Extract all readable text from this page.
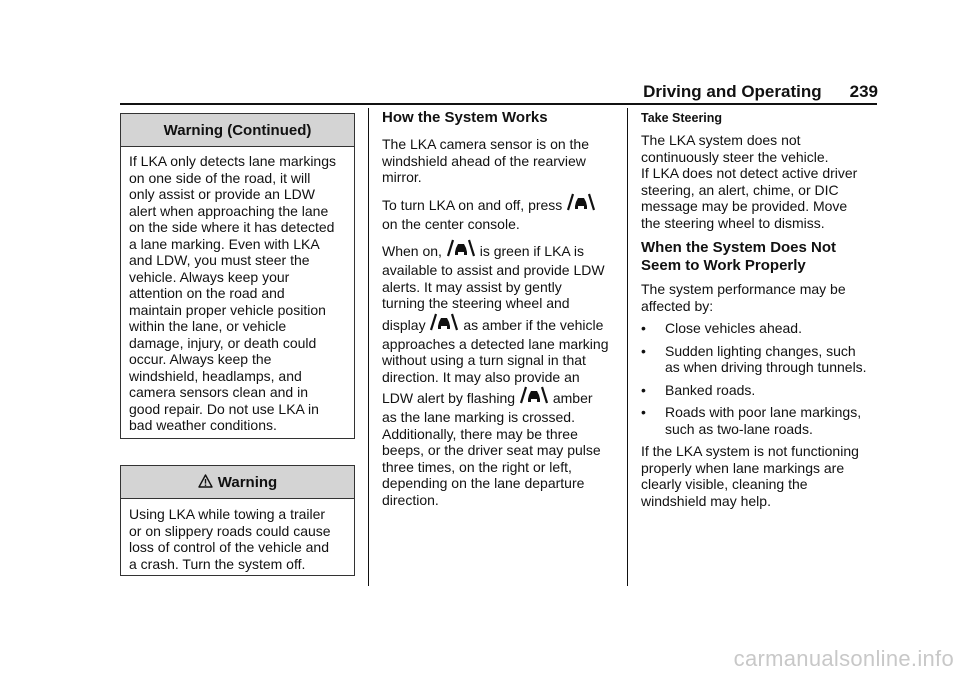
Driving and Operating 239
Warning (Continued)

If LKA only detects lane markings

on one side of the road, it will

only assist or provide an LDW

alert when approaching the lane

on the side where it has detected

a lane marking. Even with LKA

and LDW, you must steer the

vehicle. Always keep your

attention on the road and

maintain proper vehicle position

within the lane, or vehicle

damage, injury, or death could

occur. Always keep the

windshield, headlamps, and

camera sensors clean and in

good repair. Do not use LKA in

bad weather conditions.

Warning

Using LKA while towing a trailer

or on slippery roads could cause

loss of control of the vehicle and

a crash. Turn the system off.

How the System Works

The LKA camera sensor is on the

windshield ahead of the rearview

mirror.

To turn LKA on and off, press

on the center console.

When on,	is green if LKA is

available to assist and provide LDW

alerts. It may assist by gently

turning the steering wheel and

display	as amber if the vehicle

approaches a detected lane marking

without using a turn signal in that

direction. It may also provide an

LDW alert by flashing	amber

as the lane marking is crossed.

Additionally, there may be three

beeps, or the driver seat may pulse

three times, on the right or left,

depending on the lane departure

direction.

Take Steering

The LKA system does not

continuously steer the vehicle.

If LKA does not detect active driver

steering, an alert, chime, or DIC

message may be provided. Move

the steering wheel to dismiss.

When the System Does Not

Seem to Work Properly

The system performance may be

affected by:

•	Close vehicles ahead.
•	Sudden lighting changes, such
as when driving through tunnels.
•	Banked roads.
•	Roads with poor lane markings,
such as two-lane roads.

If the LKA system is not functioning

properly when lane markings are

clearly visible, cleaning the

windshield may help.

carmanualsonline.info
